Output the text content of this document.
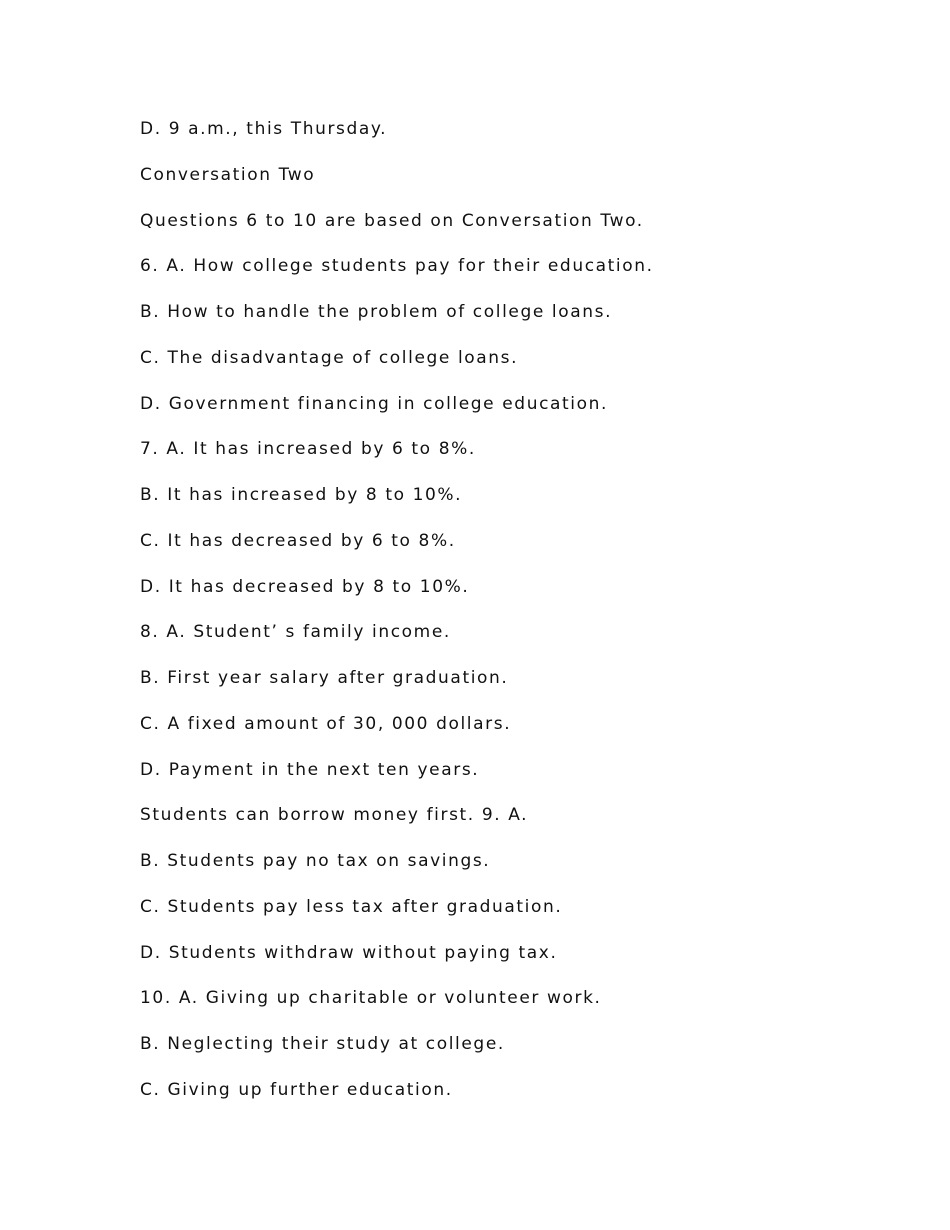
D. 9 a.m., this Thursday.
Conversation Two
Questions 6 to 10 are based on Conversation Two.
6. A. How college students pay for their education.
B. How to handle the problem of college loans.
C. The disadvantage of college loans.
D. Government financing in college education.
7. A. It has increased by 6 to 8%.
B. It has increased by 8 to 10%.
C. It has decreased by 6 to 8%.
D. It has decreased by 8 to 10%.
8. A. Student’ s family income.
B. First year salary after graduation.
C. A fixed amount of 30, 000 dollars.
D. Payment in the next ten years.
Students can borrow money first. 9. A.
B. Students pay no tax on savings.
C. Students pay less tax after graduation.
D. Students withdraw without paying tax.
10. A. Giving up charitable or volunteer work.
B. Neglecting their study at college.
C. Giving up further education.
